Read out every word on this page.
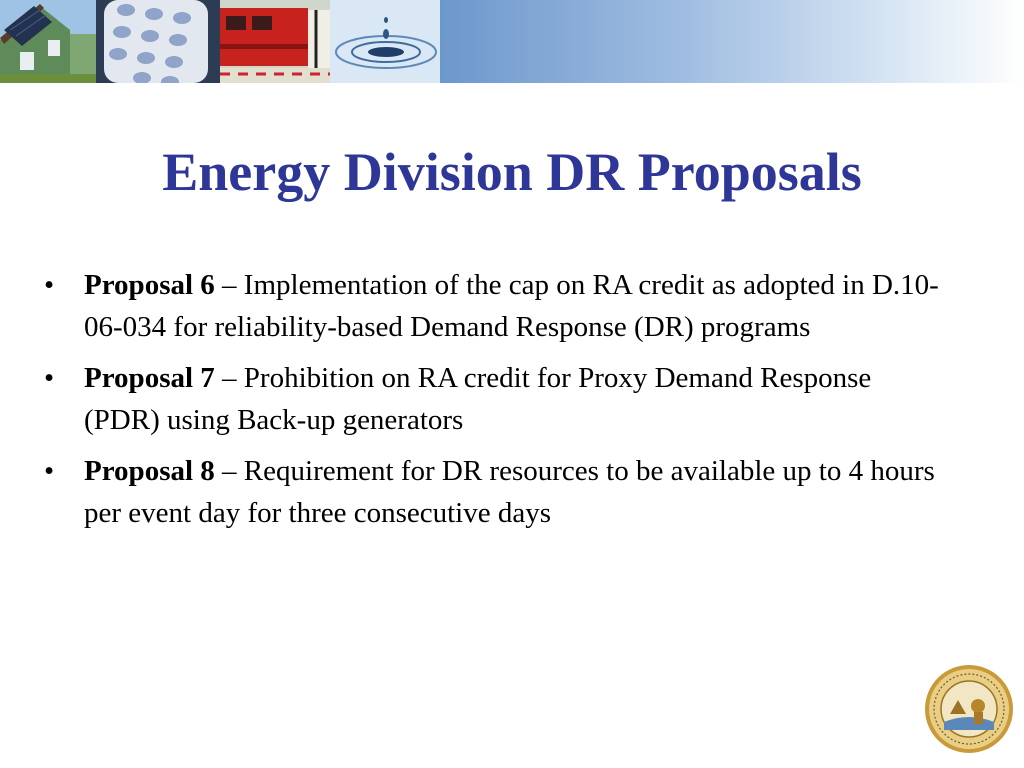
Energy Division DR Proposals
•	Proposal 6 – Implementation of the cap on RA credit as adopted in D.10-06-034 for reliability-based Demand Response (DR) programs
•	Proposal 7 – Prohibition on RA credit for Proxy Demand Response (PDR) using Back-up generators
•	Proposal 8 – Requirement for DR resources to be available up to 4 hours per event day for three consecutive days
